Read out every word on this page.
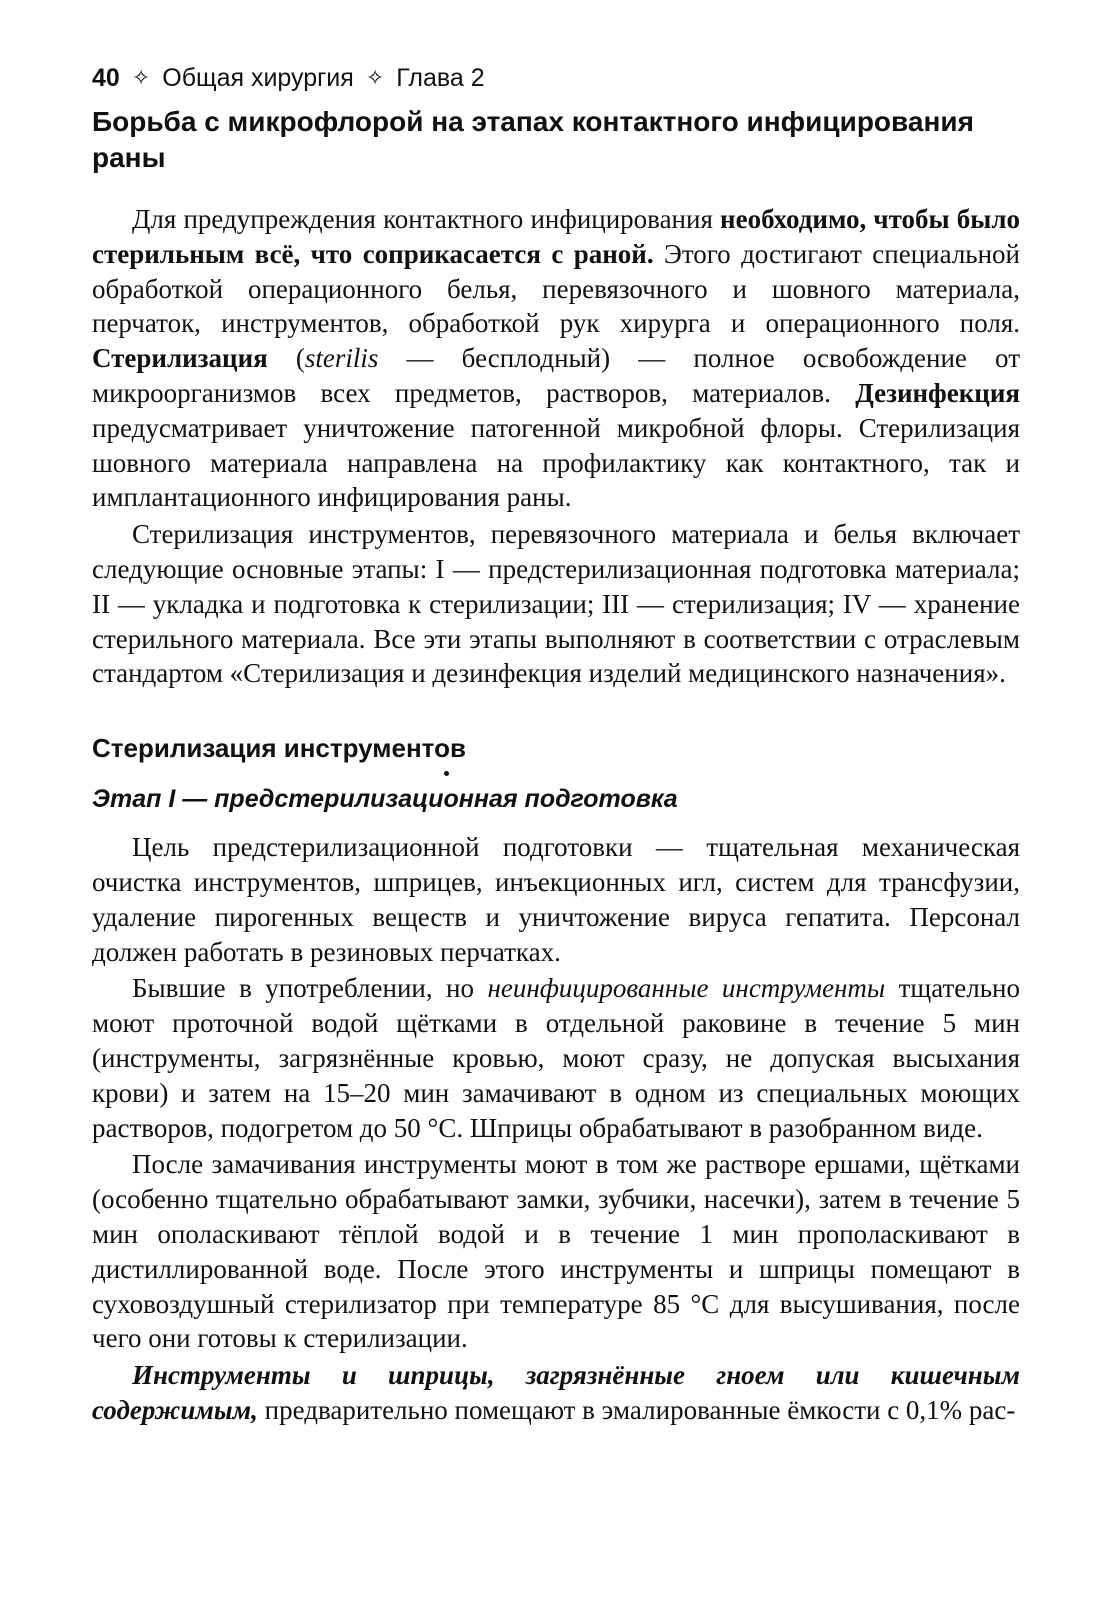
40 ✧ Общая хирургия ✧ Глава 2
Борьба с микрофлорой на этапах контактного инфицирования раны

Для предупреждения контактного инфицирования необходимо, чтобы было стерильным всё, что соприкасается с раной. Этого достигают специальной обработкой операционного белья, перевязочного и шовного материала, перчаток, инструментов, обработкой рук хирурга и операционного поля. Стерилизация (sterilis — бесплодный) — полное освобождение от микроорганизмов всех предметов, растворов, материалов. Дезинфекция предусматривает уничтожение патогенной микробной флоры. Стерилизация шовного материала направлена на профилактику как контактного, так и имплантационного инфицирования раны.

Стерилизация инструментов, перевязочного материала и белья включает следующие основные этапы: I — предстерилизационная подготовка материала; II — укладка и подготовка к стерилизации; III — стерилизация; IV — хранение стерильного материала. Все эти этапы выполняют в соответствии с отраслевым стандартом «Стерилизация и дезинфекция изделий медицинского назначения».

Стерилизация инструментов
Этап I — предстерилизационная подготовка

Цель предстерилизационной подготовки — тщательная механическая очистка инструментов, шприцев, инъекционных игл, систем для трансфузии, удаление пирогенных веществ и уничтожение вируса гепатита. Персонал должен работать в резиновых перчатках.

Бывшие в употреблении, но неинфицированные инструменты тщательно моют проточной водой щётками в отдельной раковине в течение 5 мин (инструменты, загрязнённые кровью, моют сразу, не допуская высыхания крови) и затем на 15–20 мин замачивают в одном из специальных моющих растворов, подогретом до 50 °С. Шприцы обрабатывают в разобранном виде.

После замачивания инструменты моют в том же растворе ершами, щётками (особенно тщательно обрабатывают замки, зубчики, насечки), затем в течение 5 мин ополаскивают тёплой водой и в течение 1 мин прополаскивают в дистиллированной воде. После этого инструменты и шприцы помещают в суховоздушный стерилизатор при температуре 85 °С для высушивания, после чего они готовы к стерилизации.

Инструменты и шприцы, загрязнённые гноем или кишечным содержимым, предварительно помещают в эмалированные ёмкости с 0,1% рас-
